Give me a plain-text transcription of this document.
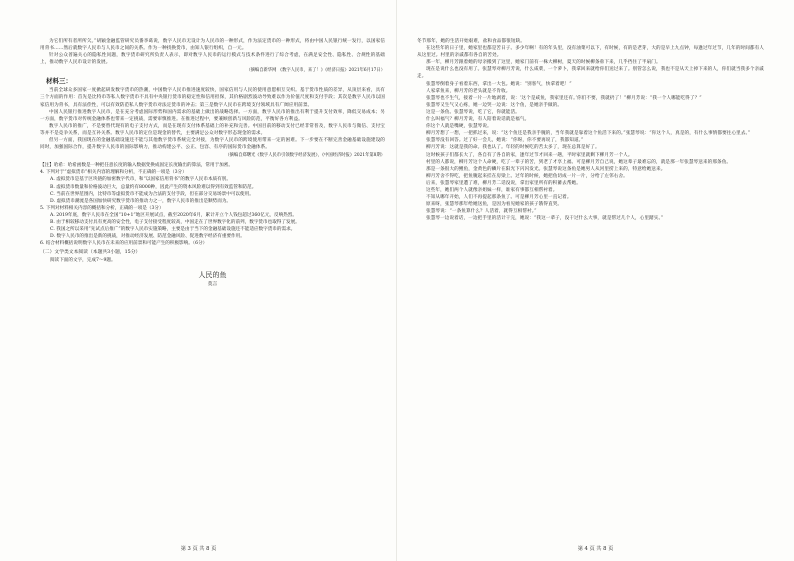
为它们所有者所所欠。”胡颖金融监管研究员番李葛说，数字人民币无设计为人民币的一种形式，作为法定货币的一种形式，将由中国人民银行统一发行，以国家信用背书……然后就数字人民币与人民币之间的关系。作为一种找换货币，由知人银行组织，自一元。

针对公众普遍关心的隐私性问题，数字货币研究所负责人表示，即对数字人民币的运行模式与技术条件进行了综合考虑，在满足安全性、隐私性、合规性的基础上，推动数字人民币设计的发展。

（摘编自新华网 《数字人民币，来了！》《经济日报》2021年6月17日）

材料三：

当前全球众多国家一度掀起研发数字货币的热潮，中国数字人民币推进速度较快，国家信用与人民的使用意愿相互交织。基于货币性质的差异，从顶层来看，具有三个方面的作用：首先是比特币等私人数字货币不具有中央银行货币的稳定性和信用担保，其价格剧烈波动导致难以作为价值尺度和支付手段；其次是数字人民币以国家信用为背书，具有法偿性，可以有效防范私人数字货币对法定货币的冲击；第三是数字人民币在跨境支付领域具有广阔应用前景。

中国人民银行推进数字人民币，是在充分考虑国际形势和国内需求的基础上做出的战略选择。一方面，数字人民币的推出有利于提升支付效率，降低交易成本；另一方面，数字货币对传统金融体系也带来一定挑战，需要审慎推进。在推进过程中，要兼顾创新与风险防范，平衡好各方利益。

数字人民币的推广，不是要替代现有的电子支付方式，而是在现有支付体系基础上的补充和完善。中国目前的移动支付已经非常普及，数字人民币与微信、支付宝等并不是竞争关系，而是互补关系。数字人民币的定位是现金的替代，主要满足公众对数字形态现金的需求。

但另一方面，我国现在的金融基础设施还不能与其他数字货币系统完全对接，为数字人民币的跨境使用带来一定的困难。下一步要在不断完善金融基础设施建设的同时，加强国际合作，提升数字人民币的国际影响力，推动构建公平、公正、包容、有序的国际货币金融体系。

（摘编自郑曙光《数字人民币引领数字经济发展》，《中国经济时报》2021年第8期）

【注】哈希：哈希函数是一种把任意长度的输入数据变换成固定长度输出的算法，常用于加密。

4. 下列对于“虚拟货币”相关内容的理解和分析，不正确的一项是（3分）

A. 虚拟货币是基于区块链的加密数字代币，和“以国家信用背书”的数字人民币本质有别。

B. 虚拟货币数量和价格波动巨大，总量约有8000种，因此产生的资本风险难以得到有效监管和防范。

C. 当前在世界范围内，比特币等虚拟货币不能成为合法的支付手段，但在部分交易场景中可以使用。

D. 虚拟货币潮流是各国加快研究数字货币的推动力之一，数字人民币的推出是顺势而为。

5. 下列对材料相关内容的概括和分析，正确的一项是（3分）

A. 2019年底，数字人民币在全国“10+1”地区开展试点，截至2020年6月，累计开立个人钱包超过360亿元，反响热烈。

B. 由于相较移动支付具有更高的安全性，电子支付接受程度较高，中国走在了世界数字化的前列，数字货币也取得了发展。

C. 我国之所以采用“先试点后推广”的数字人民币实施策略，主要是由于当下的金融基础设施还不能适应数字货币的需求。

D. 数字人民币的推出是新的挑战，对推动经济发展、防范金融风险、促进数字经济有重要作用。

6. 结合材料概括说明数字人民币在未来的应用前景和可能产生的积极影响。（6分）

（二）文学类文本阅读（本题共3小题，15分）

阅读下面的文字，完成7～9题。

人民的鱼

莫言

第 3 页 共 8 页

冬节那年，她的生活开始艰难，盐和食品都很短缺。

在这些年的日子里，她家里也都是苦日子。多少年啊！有的年头里，没有油菜可以下，有时候，有的是老芽，大的是早上九点钟，每逢过年过节，几年的时间都有人从这里过。村里的亲戚都有各自的苦处。

那一年，柳月芳跟着她的母亲搬到了这里，她家门前有一株大柳树，夏天的时候柳条垂下来，几乎挡住了半扇门。

现在是说什么也没有用了。张慧琴对柳月芳说，什么咸菜，一个萝卜，我拿回来就给你们送过来了。别管怎么说，我也不是从天上掉下来的人，你们就当我多个亲戚走。

张慧琴倒着身子看着东西，拿出一大包。她说：“别客气，快拿着吧！”

人家拿鱼来，柳月芳的老头就是不肯收。

张慧琴也不生气，接着一片一片地剥着，说：‘这个是咸鱼，我家里还有。’你们不要，我就扔了！”柳月芳说：“我一个人哪能吃得了？”

张慧琴又生气又心疼，她一边哭一边说：这个鱼，是她亲手做的。

这是一条鱼。张慧琴说，吃了它，你就能活。

什么叫福气？柳月芳说，有人陪着说话就是福气。

你这个人就是嘴硬，张慧琴说。

柳月芳想了一想，一把抓过来，说：“这个鱼还是我亲手腌的，当年我就是靠着这个鱼活下来的。”张慧琴说：“你这个人，真是的，有什么事情都要往心里去。”

张慧琴没有回答。过了好一会儿，她说：“你呀，你不要再说了，我都知道。”

柳月芳说：这就是我的命。我也认了。年轻的时候吃的苦太多了，现在总算是好了。

这时候孩子们都长大了，各自有了各自的家，逢年过节才回来一趟，平时家里就剩下柳月芳一个人。

村里的人都说，柳月芳这个人命硬，吃了一辈子的苦，到老了才享上福。可是柳月芳自己说，她这辈子最难忘的，就是那一年张慧琴送来的那条鱼。

那是一条很大的鲤鱼，金黄色的鳞片在阳光下闪闪发光。张慧琴说这条鱼是她男人从河里捞上来的，特意给她送来。

柳月芳舍不得吃，把鱼腌起来挂在房梁上。过年的时候，她把鱼切成一片一片，分给了左邻右舍。

后来，张慧琴家里遭了难，柳月芳二话没说，拿出家里所有的积蓄去帮她。

这些年，她们两个人就像亲姐妹一样，谁家有事都互相帮衬着。

不知从哪年开始，人们不再提起那条鱼了。可是柳月芳心里一直记着。

原来呀，张慧琴那年给她送鱼，是因为看见她家的孩子饿得直哭。

张慧琴说：“一条鱼算什么？人活着，就得互相帮衬。”

张慧琴一边说着话，一边把手里的活计干完，她说：“我这一辈子，没干过什么大事，就是帮过几个人，心里踏实。”

第 4 页 共 8 页
